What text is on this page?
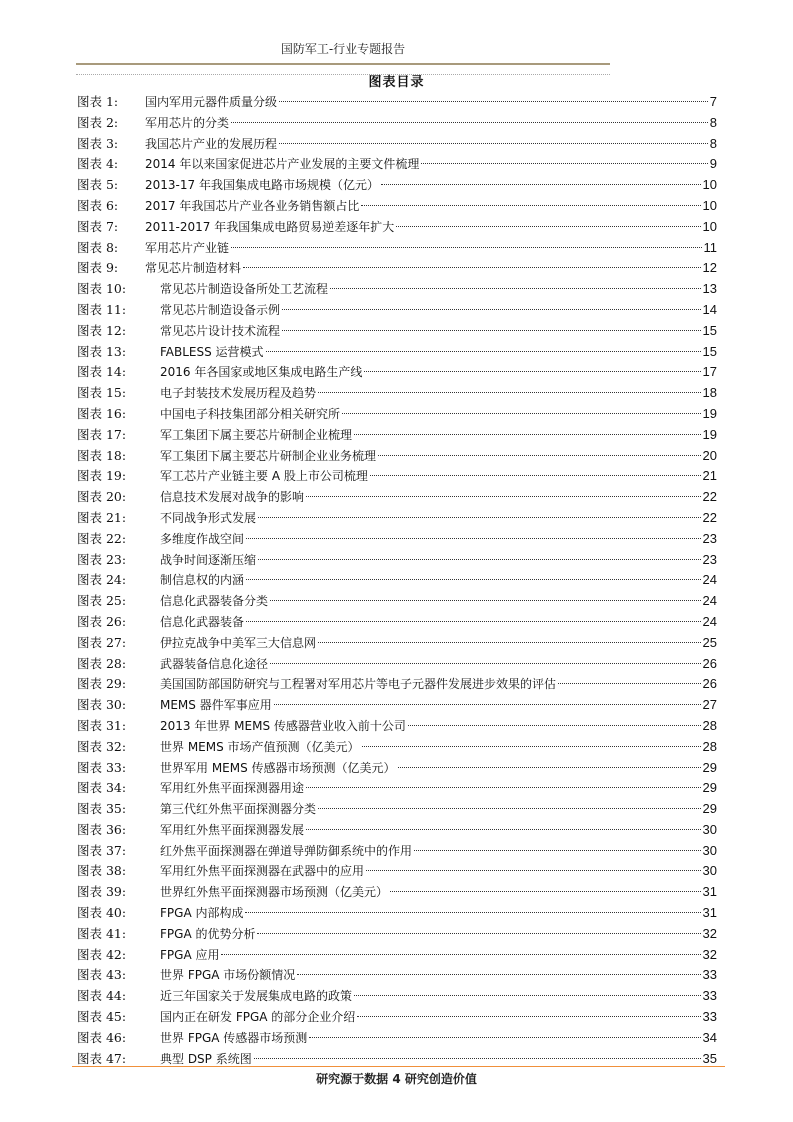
国防军工-行业专题报告
图表目录
图表 1:	国内军用元器件质量分级	7
图表 2:	军用芯片的分类	8
图表 3:	我国芯片产业的发展历程	8
图表 4:	2014 年以来国家促进芯片产业发展的主要文件梳理	9
图表 5:	2013-17 年我国集成电路市场规模（亿元）	10
图表 6:	2017 年我国芯片产业各业务销售额占比	10
图表 7:	2011-2017 年我国集成电路贸易逆差逐年扩大	10
图表 8:	军用芯片产业链	11
图表 9:	常见芯片制造材料	12
图表 10:	常见芯片制造设备所处工艺流程	13
图表 11:	常见芯片制造设备示例	14
图表 12:	常见芯片设计技术流程	15
图表 13:	FABLESS 运营模式	15
图表 14:	2016 年各国家或地区集成电路生产线	17
图表 15:	电子封装技术发展历程及趋势	18
图表 16:	中国电子科技集团部分相关研究所	19
图表 17:	军工集团下属主要芯片研制企业梳理	19
图表 18:	军工集团下属主要芯片研制企业业务梳理	20
图表 19:	军工芯片产业链主要 A 股上市公司梳理	21
图表 20:	信息技术发展对战争的影响	22
图表 21:	不同战争形式发展	22
图表 22:	多维度作战空间	23
图表 23:	战争时间逐渐压缩	23
图表 24:	制信息权的内涵	24
图表 25:	信息化武器装备分类	24
图表 26:	信息化武器装备	24
图表 27:	伊拉克战争中美军三大信息网	25
图表 28:	武器装备信息化途径	26
图表 29:	美国国防部国防研究与工程署对军用芯片等电子元器件发展进步效果的评估	26
图表 30:	MEMS 器件军事应用	27
图表 31:	2013 年世界 MEMS 传感器营业收入前十公司	28
图表 32:	世界 MEMS 市场产值预测（亿美元）	28
图表 33:	世界军用 MEMS 传感器市场预测（亿美元）	29
图表 34:	军用红外焦平面探测器用途	29
图表 35:	第三代红外焦平面探测器分类	29
图表 36:	军用红外焦平面探测器发展	30
图表 37:	红外焦平面探测器在弹道导弹防御系统中的作用	30
图表 38:	军用红外焦平面探测器在武器中的应用	30
图表 39:	世界红外焦平面探测器市场预测（亿美元）	31
图表 40:	FPGA 内部构成	31
图表 41:	FPGA 的优势分析	32
图表 42:	FPGA 应用	32
图表 43:	世界 FPGA 市场份额情况	33
图表 44:	近三年国家关于发展集成电路的政策	33
图表 45:	国内正在研发 FPGA 的部分企业介绍	33
图表 46:	世界 FPGA 传感器市场预测	34
图表 47:	典型 DSP 系统图	35
研究源于数据 4 研究创造价值
